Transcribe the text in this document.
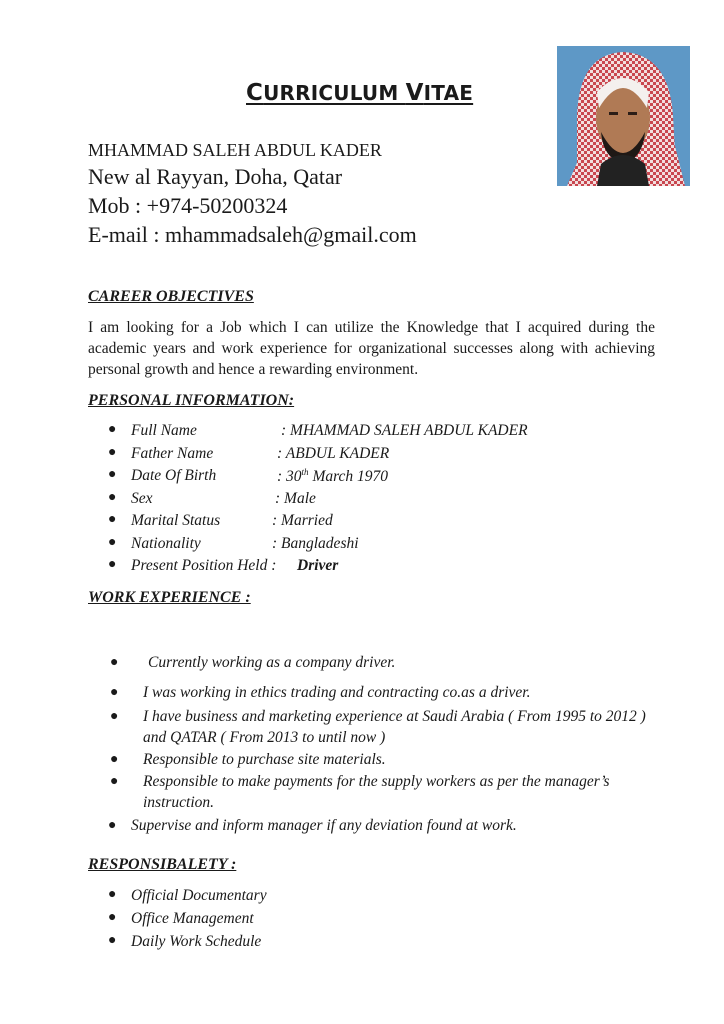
CURRICULUM VITAE
MHAMMAD SALEH ABDUL KADER
New al Rayyan, Doha, Qatar
Mob : +974-50200324
E-mail : mhammadsaleh@gmail.com
CAREER OBJECTIVES

I am looking for a Job which I can utilize the Knowledge that I acquired during the academic years and work experience for organizational successes along with achieving personal growth and hence a rewarding environment.

PERSONAL INFORMATION:
● Full Name	: MHAMMAD SALEH ABDUL KADER
● Father Name	: ABDUL KADER
● Date Of Birth	: 30th March 1970
● Sex	: Male
● Marital Status	: Married
● Nationality	: Bangladeshi
● Present Position Held : Driver
WORK EXPERIENCE :
● Currently working as a company driver.
● I was working in ethics trading and contracting co.as a driver.
● I have business and marketing experience at Saudi Arabia ( From 1995 to 2012 ) and QATAR ( From 2013 to until now )
● Responsible to purchase site materials.
● Responsible to make payments for the supply workers as per the manager’s instruction.
● Supervise and inform manager if any deviation found at work.
RESPONSIBALETY :
● Official Documentary
● Office Management
● Daily Work Schedule
